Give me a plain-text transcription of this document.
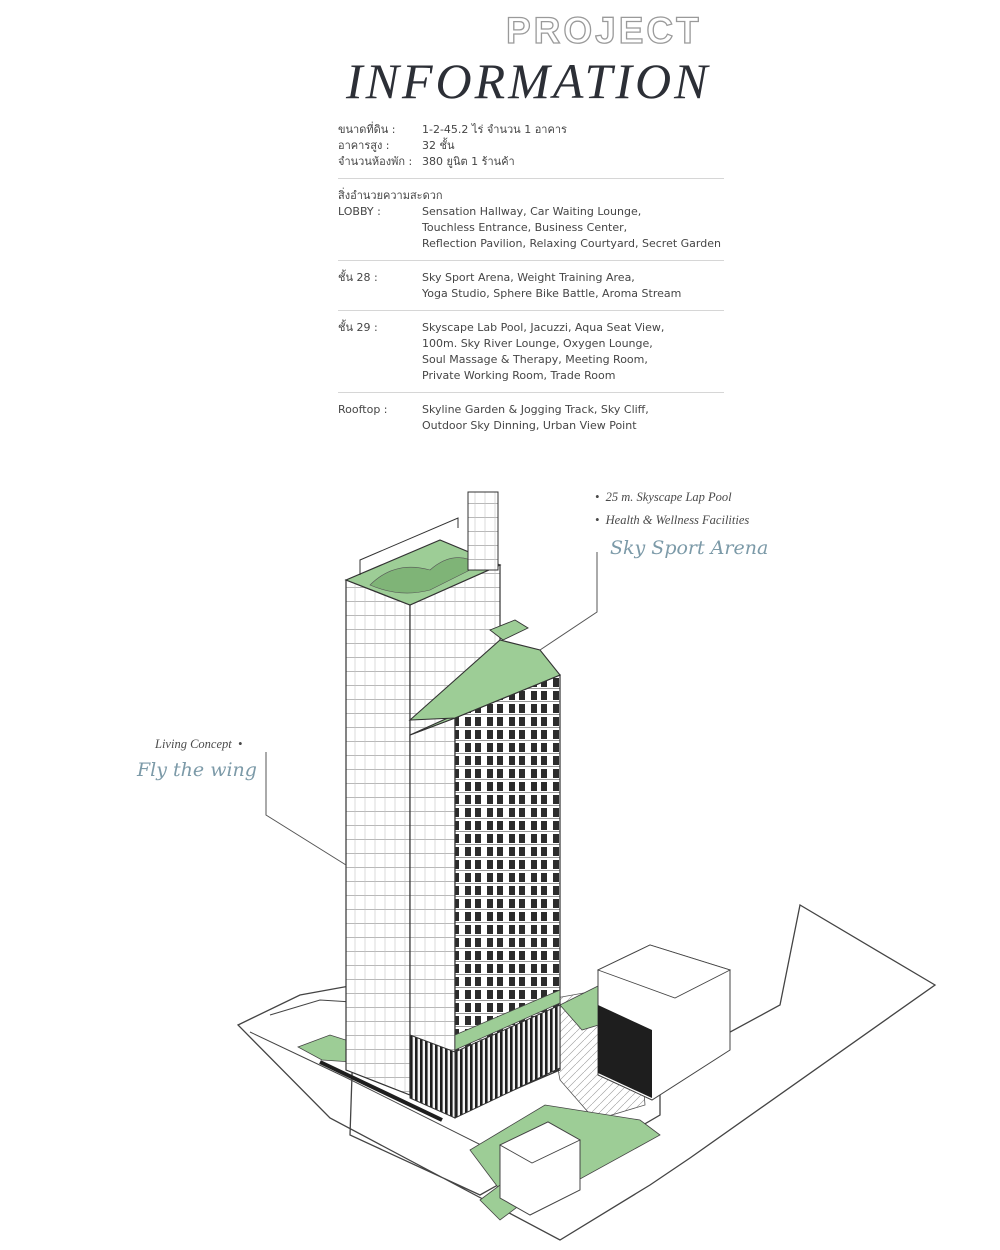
PROJECT
INFORMATION
ขนาดที่ดิน :	1-2-45.2 ไร่ จำนวน 1 อาคาร
อาคารสูง :	32 ชั้น
จำนวนห้องพัก : 380 ยูนิต 1 ร้านค้า
สิ่งอำนวยความสะดวก
LOBBY :	Sensation Hallway, Car Waiting Lounge,
Touchless Entrance, Business Center,
Reflection Pavilion, Relaxing Courtyard, Secret Garden
ชั้น 28 :	Sky Sport Arena, Weight Training Area,
Yoga Studio, Sphere Bike Battle, Aroma Stream
ชั้น 29 :	Skyscape Lab Pool, Jacuzzi, Aqua Seat View,
100m. Sky River Lounge, Oxygen Lounge,
Soul Massage & Therapy, Meeting Room,
Private Working Room, Trade Room
Rooftop :	Skyline Garden & Jogging Track, Sky Cliff,
Outdoor Sky Dinning, Urban View Point
•  25 m. Skyscape Lap Pool
•  Health & Wellness Facilities
Sky Sport Arena
Living Concept  •
Fly the wing
